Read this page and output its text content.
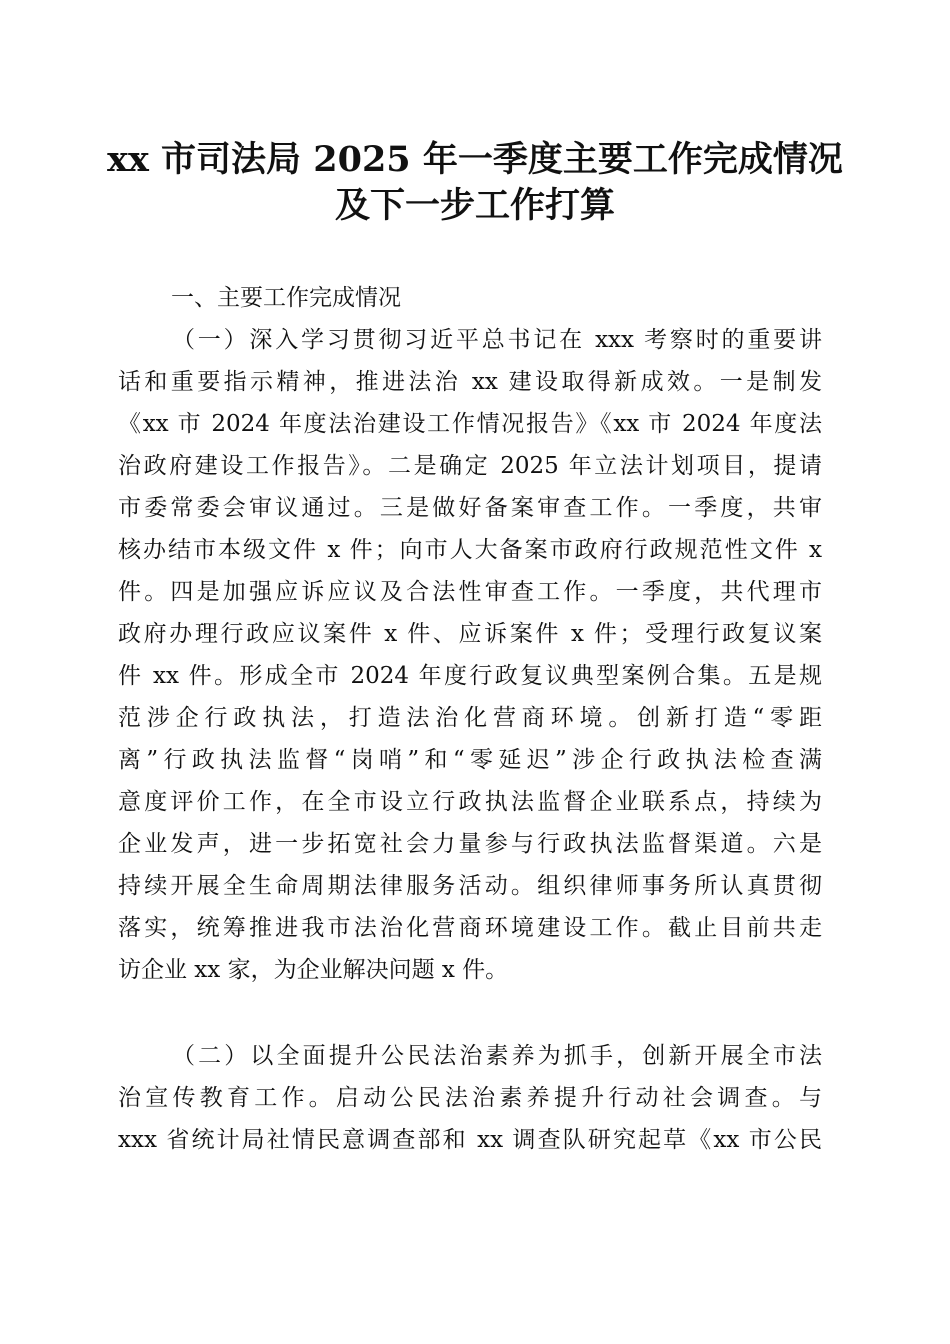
xx 市司法局 2025 年一季度主要工作完成情况
及下一步工作打算
一、主要工作完成情况
（一）深入学习贯彻习近平总书记在 xxx 考察时的重要讲
话和重要指示精神，推进法治 xx 建设取得新成效。一是制发
《xx 市 2024 年度法治建设工作情况报告》《xx 市 2024 年度法
治政府建设工作报告》。二是确定 2025 年立法计划项目，提请
市委常委会审议通过。三是做好备案审查工作。一季度，共审
核办结市本级文件 x 件；向市人大备案市政府行政规范性文件 x
件。四是加强应诉应议及合法性审查工作。一季度，共代理市
政府办理行政应议案件 x 件、应诉案件 x 件；受理行政复议案
件 xx 件。形成全市 2024 年度行政复议典型案例合集。五是规
范涉企行政执法，打造法治化营商环境。创新打造“零距
离”行政执法监督“岗哨”和“零延迟”涉企行政执法检查满
意度评价工作，在全市设立行政执法监督企业联系点，持续为
企业发声，进一步拓宽社会力量参与行政执法监督渠道。六是
持续开展全生命周期法律服务活动。组织律师事务所认真贯彻
落实，统筹推进我市法治化营商环境建设工作。截止目前共走
访企业 xx 家，为企业解决问题 x 件。
（二）以全面提升公民法治素养为抓手，创新开展全市法
治宣传教育工作。启动公民法治素养提升行动社会调查。与
xxx 省统计局社情民意调查部和 xx 调查队研究起草《xx 市公民
